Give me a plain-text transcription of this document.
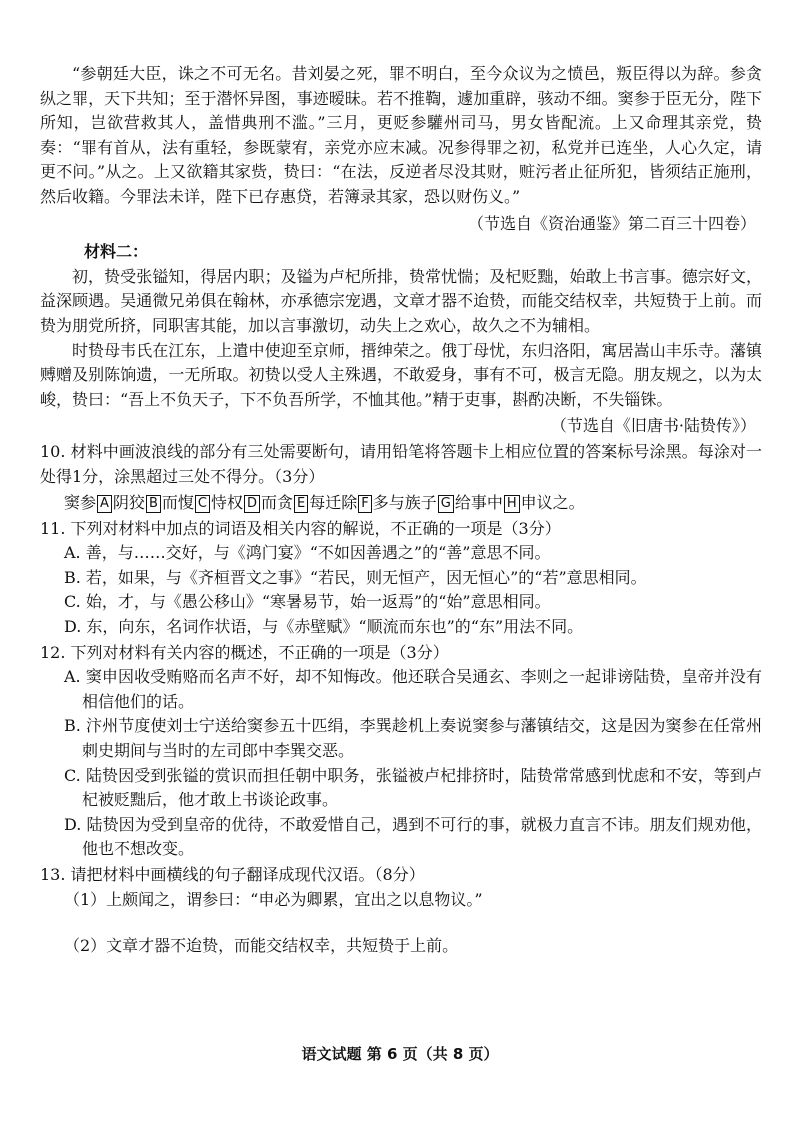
“参朝廷大臣，诛之不可无名。昔刘晏之死，罪不明白，至今众议为之愤邑，叛臣得以为辞。参贪纵之罪，天下共知；至于潜怀异图，事迹暧昧。若不推鞫，遽加重辟，骇动不细。窦参于臣无分，陛下所知，岂欲营救其人，盖惜典刑不滥。”三月，更贬参驩州司马，男女皆配流。上又命理其亲党，贽奏：“罪有首从，法有重轻，参既蒙宥，亲党亦应末减。况参得罪之初，私党并已连坐，人心久定，请更不问。”从之。上又欲籍其家赀，贽曰：“在法，反逆者尽没其财，赃污者止征所犯，皆须结正施刑，然后收籍。今罪法未详，陛下已存惠贷，若簿录其家，恐以财伤义。”

（节选自《资治通鉴》第二百三十四卷）

材料二：

初，贽受张镒知，得居内职；及镒为卢杞所排，贽常忧惴；及杞贬黜，始敢上书言事。德宗好文，益深顾遇。吴通微兄弟俱在翰林，亦承德宗宠遇，文章才器不迨贽，而能交结权幸，共短贽于上前。而贽为朋党所挤，同职害其能，加以言事激切，动失上之欢心，故久之不为辅相。

时贽母韦氏在江东，上遣中使迎至京师，搢绅荣之。俄丁母忧，东归洛阳，寓居嵩山丰乐寺。藩镇赙赠及别陈饷遗，一无所取。初贽以受人主殊遇，不敢爱身，事有不可，极言无隐。朋友规之，以为太峻，贽曰：“吾上不负天子，下不负吾所学，不恤其他。”精于吏事，斟酌决断，不失锱铢。

（节选自《旧唐书·陆贽传》）

10. 材料中画波浪线的部分有三处需要断句，请用铅笔将答题卡上相应位置的答案标号涂黑。每涂对一处得1分，涂黑超过三处不得分。（3分）

窦参 A 阴狡 B 而愎 C 恃权 D 而贪 E 每迁除 F 多与族子 G 给事中 H 申议之。

11. 下列对材料中加点的词语及相关内容的解说，不正确的一项是（3分）

A. 善，与……交好，与《鸿门宴》“不如因善遇之”的“善”意思不同。

B. 若，如果，与《齐桓晋文之事》“若民，则无恒产，因无恒心”的“若”意思相同。

C. 始，才，与《愚公移山》“寒暑易节，始一返焉”的“始”意思相同。

D. 东，向东，名词作状语，与《赤壁赋》“顺流而东也”的“东”用法不同。

12. 下列对材料有关内容的概述，不正确的一项是（3分）

A. 窦申因收受贿赂而名声不好，却不知悔改。他还联合吴通玄、李则之一起诽谤陆贽，皇帝并没有相信他们的话。

B. 汴州节度使刘士宁送给窦参五十匹绢，李巽趁机上奏说窦参与藩镇结交，这是因为窦参在任常州刺史期间与当时的左司郎中李巽交恶。

C. 陆贽因受到张镒的赏识而担任朝中职务，张镒被卢杞排挤时，陆贽常常感到忧虑和不安，等到卢杞被贬黜后，他才敢上书谈论政事。

D. 陆贽因为受到皇帝的优待，不敢爱惜自己，遇到不可行的事，就极力直言不讳。朋友们规劝他，他也不想改变。

13. 请把材料中画横线的句子翻译成现代汉语。（8分）

（1）上颇闻之，谓参曰：“申必为卿累，宜出之以息物议。”

（2）文章才器不迨贽，而能交结权幸，共短贽于上前。

语文试题 第 6 页（共 8 页）
